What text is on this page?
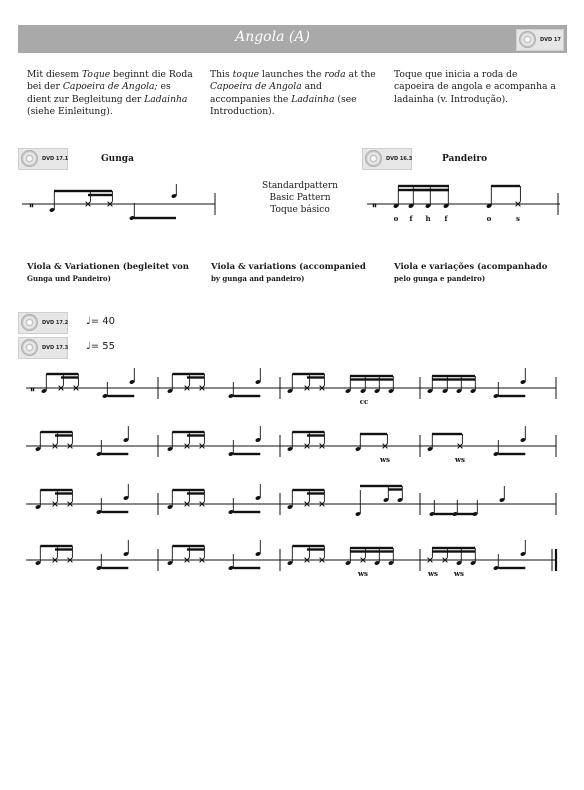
Angola (A)	DVD 17
Mit diesem Toque beginnt die Roda bei der Capoeira de Angola; es dient zur Begleitung der Ladainha (siehe Einleitung).
This toque launches the roda at the Capoeira de Angola and accompanies the Ladainha (see Introduction).
Toque que inicia a roda de capoeira de angola e acompanha a ladainha (v. Introdução).
DVD 17.1	Gunga	DVD 16.3	Pandeiro
Standardpattern
Basic Pattern
Toque básico
Viola & Variationen (begleitet von
Gunga und Pandeiro)
Viola & variations (accompanied
by gunga and pandeiro)
Viola e variações (acompanhado
pelo gunga e pandeiro)
DVD 17.2 ♩= 40
DVD 17.3 ♩= 55
𝄥	𝄥
o f h f	o	s
𝄥
cc
ws	ws
ws	ws ws
